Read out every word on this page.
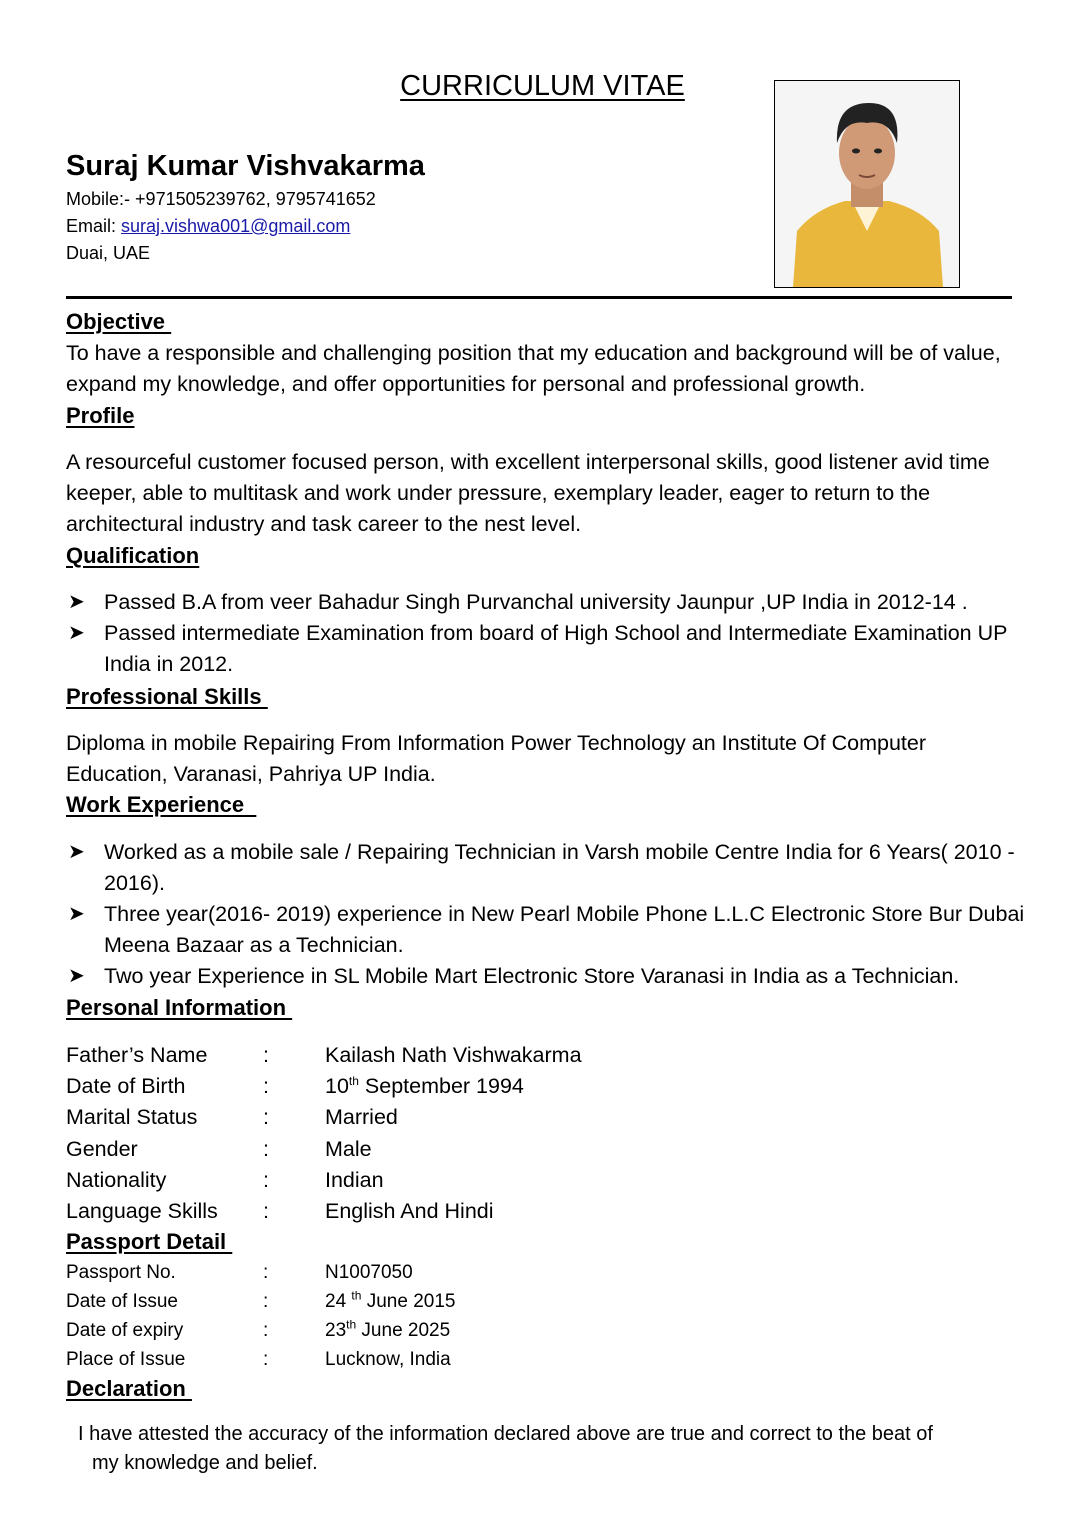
CURRICULUM VITAE
Suraj Kumar Vishvakarma
Mobile:- +971505239762, 9795741652
Email: suraj.vishwa001@gmail.com
Duai, UAE
Objective
To have a responsible and challenging position that my education and background will be of value, expand my knowledge, and offer opportunities for personal and professional growth.
Profile
A resourceful customer focused person, with excellent interpersonal skills, good listener avid time keeper, able to multitask and work under pressure, exemplary leader, eager to return to the architectural industry and task career to the nest level.
Qualification
➤ Passed B.A from veer Bahadur Singh Purvanchal university Jaunpur ,UP India in 2012-14 .
➤ Passed intermediate Examination from board of High School and Intermediate Examination UP India in 2012.
Professional Skills
Diploma in mobile Repairing From Information Power Technology an Institute Of Computer Education, Varanasi, Pahriya UP India.
Work Experience
➤ Worked as a mobile sale / Repairing Technician in Varsh mobile Centre India for 6 Years( 2010 - 2016).
➤ Three year(2016- 2019) experience in New Pearl Mobile Phone L.L.C Electronic Store Bur Dubai Meena Bazaar as a Technician.
➤ Two year Experience in SL Mobile Mart Electronic Store Varanasi in India as a Technician.
Personal Information
Father’s Name	:	Kailash Nath Vishwakarma
Date of Birth	:	10th September 1994
Marital Status	:	Married
Gender	:	Male
Nationality	:	Indian
Language Skills	:	English And Hindi
Passport Detail
Passport No.	:	N1007050
Date of Issue	:	24 $^{th}$ June 2015
Date of expiry	:	23th June 2025
Place of Issue	:	Lucknow, India
Declaration
I have attested the accuracy of the information declared above are true and correct to the beat of
my knowledge and belief.
